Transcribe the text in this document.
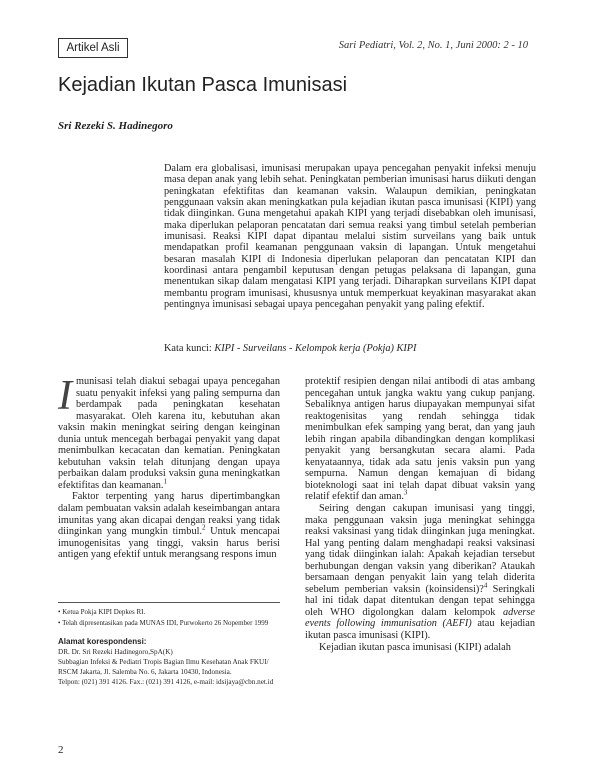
Artikel Asli	Sari Pediatri, Vol. 2, No. 1, Juni 2000: 2 - 10
Kejadian Ikutan Pasca Imunisasi
Sri Rezeki S. Hadinegoro

Dalam era globalisasi, imunisasi merupakan upaya pencegahan penyakit infeksi menuju masa depan anak yang lebih sehat. Peningkatan pemberian imunisasi harus diikuti dengan peningkatan efektifitas dan keamanan vaksin. Walaupun demikian, peningkatan penggunaan vaksin akan meningkatkan pula kejadian ikutan pasca imunisasi (KIPI) yang tidak diinginkan. Guna mengetahui apakah KIPI yang terjadi disebabkan oleh imunisasi, maka diperlukan pelaporan pencatatan dari semua reaksi yang timbul setelah pemberian imunisasi. Reaksi KIPI dapat dipantau melalui sistim surveilans yang baik untuk mendapatkan profil keamanan penggunaan vaksin di lapangan. Untuk mengetahui besaran masalah KIPI di Indonesia diperlukan pelaporan dan pencatatan KIPI dan koordinasi antara pengambil keputusan dengan petugas pelaksana di lapangan, guna menentukan sikap dalam mengatasi KIPI yang terjadi. Diharapkan surveilans KIPI dapat membantu program imunisasi, khususnya untuk memperkuat keyakinan masyarakat akan pentingnya imunisasi sebagai upaya pencegahan penyakit yang paling efektif.

Kata kunci: KIPI - Surveilans - Kelompok kerja (Pokja) KIPI

Imunisasi telah diakui sebagai upaya pencegahan suatu penyakit infeksi yang paling sempurna dan berdampak pada peningkatan kesehatan masyarakat. Oleh karena itu, kebutuhan akan vaksin makin meningkat seiring dengan keinginan dunia untuk mencegah berbagai penyakit yang dapat menimbulkan kecacatan dan kematian. Peningkatan kebutuhan vaksin telah ditunjang dengan upaya perbaikan dalam produksi vaksin guna meningkatkan efektifitas dan keamanan.$^1$

Faktor terpenting yang harus dipertimbangkan dalam pembuatan vaksin adalah keseimbangan antara imunitas yang akan dicapai dengan reaksi yang tidak diinginkan yang mungkin timbul.$^2$ Untuk mencapai imunogenisitas yang tinggi, vaksin harus berisi antigen yang efektif untuk merangsang respons imun

protektif resipien dengan nilai antibodi di atas ambang pencegahan untuk jangka waktu yang cukup panjang. Sebaliknya antigen harus diupayakan mempunyai sifat reaktogenisitas yang rendah sehingga tidak menimbulkan efek samping yang berat, dan yang jauh lebih ringan apabila dibandingkan dengan komplikasi penyakit yang bersangkutan secara alami. Pada kenyataannya, tidak ada satu jenis vaksin pun yang sempurna. Namun dengan kemajuan di bidang bioteknologi saat ini telah dapat dibuat vaksin yang relatif efektif dan aman.$^3$

Seiring dengan cakupan imunisasi yang tinggi, maka penggunaan vaksin juga meningkat sehingga reaksi vaksinasi yang tidak diinginkan juga meningkat. Hal yang penting dalam menghadapi reaksi vaksinasi yang tidak diinginkan ialah: Apakah kejadian tersebut berhubungan dengan vaksin yang diberikan? Ataukah bersamaan dengan penyakit lain yang telah diderita sebelum pemberian vaksin (koinsidensi)?$^4$ Seringkali hal ini tidak dapat ditentukan dengan tepat sehingga oleh WHO digolongkan dalam kelompok adverse events following immunisation (AEFI) atau kejadian ikutan pasca imunisasi (KIPI).

Kejadian ikutan pasca imunisasi (KIPI) adalah

• Ketua Pokja KIPI Depkes RI.
• Telah dipresentasikan pada MUNAS IDI, Purwokerto 26 Nopember 1999
Alamat korespondensi:
DR. Dr. Sri Rezeki Hadinegoro,SpA(K)
Subbagian Infeksi & Pediatri Tropis Bagian Ilmu Kesehatan Anak FKUI/
RSCM Jakarta, Jl. Salemba No. 6, Jakarta 10430, Indonesia.
Telpon: (021) 391 4126. Fax.: (021) 391 4126, e-mail: idsijaya@cbn.net.id
2
